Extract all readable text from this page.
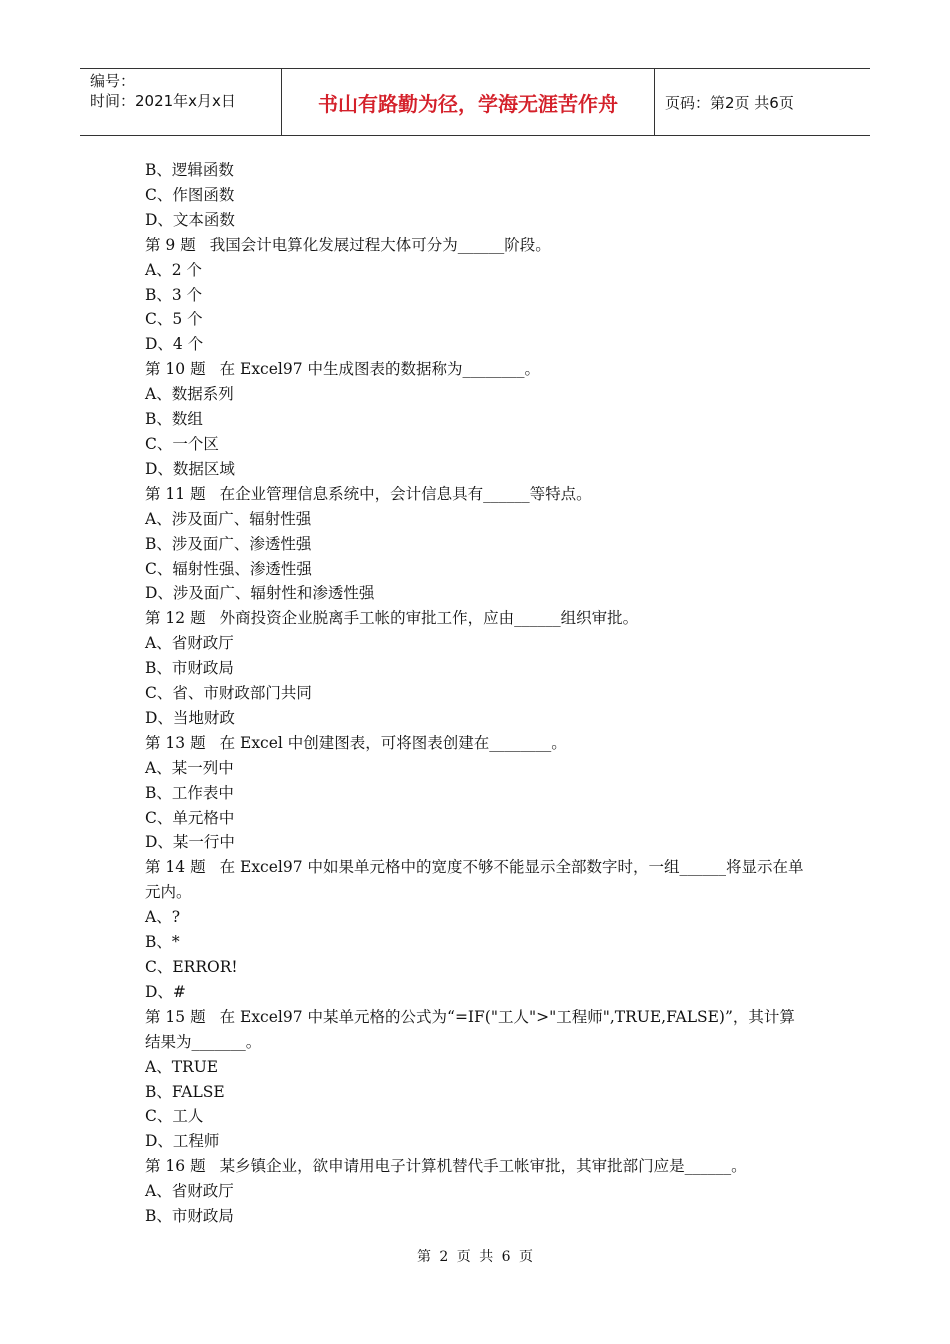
编号：
时间：2021年x月x日	书山有路勤为径，学海无涯苦作舟	页码：第2页 共6页
B、逻辑函数
C、作图函数
D、文本函数
第 9 题 我国会计电算化发展过程大体可分为______阶段。
A、2 个
B、3 个
C、5 个
D、4 个
第 10 题 在 Excel97 中生成图表的数据称为________。
A、数据系列
B、数组
C、一个区
D、数据区域
第 11 题 在企业管理信息系统中，会计信息具有______等特点。
A、涉及面广、辐射性强
B、涉及面广、渗透性强
C、辐射性强、渗透性强
D、涉及面广、辐射性和渗透性强
第 12 题 外商投资企业脱离手工帐的审批工作，应由______组织审批。
A、省财政厅
B、市财政局
C、省、市财政部门共同
D、当地财政
第 13 题 在 Excel 中创建图表，可将图表创建在________。
A、某一列中
B、工作表中
C、单元格中
D、某一行中
第 14 题 在 Excel97 中如果单元格中的宽度不够不能显示全部数字时，一组______将显示在单元内。
A、?
B、*
C、ERROR!
D、#
第 15 题 在 Excel97 中某单元格的公式为“=IF("工人">"工程师",TRUE,FALSE)”，其计算结果为_______。
A、TRUE
B、FALSE
C、工人
D、工程师
第 16 题 某乡镇企业，欲申请用电子计算机替代手工帐审批，其审批部门应是______。
A、省财政厅
B、市财政局
第 2 页 共 6 页
